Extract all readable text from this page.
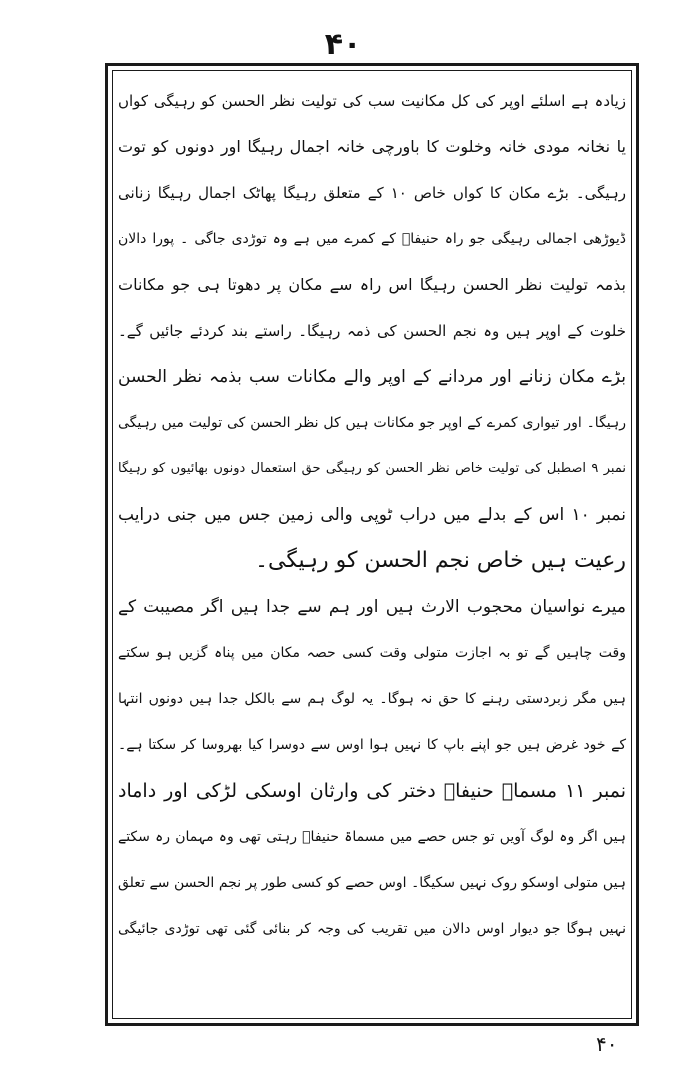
۴۰
زیادہ ہے اسلئے اوپر کی کل مکانیت سب کی تولیت نظر الحسن کو رہیگی کواں
یا نخانہ مودی خانہ وخلوت کا باورچی خانہ اجمال رہیگا اور دونوں کو توت
رہیگی۔ بڑے مکان کا کواں خاص ۱۰ کے متعلق رہیگا پھاٹک اجمال رہیگا زنانی
ڈیوڑھی اجمالی رہیگی جو راہ حنیفاؔ کے کمرے میں ہے وہ توڑدی جاگی ۔ پورا دالان
بذمہ تولیت نظر الحسن رہیگا اس راہ سے مکان پر دھوتا ہی جو مکانات
خلوت کے اوپر ہیں وہ نجم الحسن کی ذمہ رہیگا۔ راستے بند کردئے جائیں گے۔
بڑے مکان زنانے اور مردانے کے اوپر والے مکانات سب بذمہ نظر الحسن
رہیگا۔ اور تیواری کمرے کے اوپر جو مکانات ہیں کل نظر الحسن کی تولیت میں رہیگی
نمبر ۹ اصطبل کی تولیت خاص نظر الحسن کو رہیگی حق استعمال دونوں بھائیوں کو رہیگا
نمبر ۱۰ اس کے بدلے میں دراب ٹوپی والی زمین جس میں جنی درایب
رعیت ہیں خاص نجم الحسن کو رہیگی۔
میرے نواسیان محجوب الارث ہیں اور ہم سے جدا ہیں اگر مصیبت کے
وقت چاہیں گے تو بہ اجازت متولی وقت کسی حصہ مکان میں پناہ گزیں ہو سکتے
ہیں مگر زبردستی رہنے کا حق نہ ہوگا۔ یہ لوگ ہم سے بالکل جدا ہیں دونوں انتہا
کے خود غرض ہیں جو اپنے باپ کا نہیں ہوا اوس سے دوسرا کیا بھروسا کر سکتا ہے۔
نمبر ۱۱ مسماۃ حنیفاؔ دختر کی وارثان اوسکی لڑکی اور داماد
ہیں اگر وہ لوگ آویں تو جس حصے میں مسماۃ حنیفاؔ رہتی تھی وہ مہمان رہ سکتے
ہیں متولی اوسکو روک نہیں سکیگا۔ اوس حصے کو کسی طور پر نجم الحسن سے تعلق
نہیں ہوگا جو دیوار اوس دالان میں تقریب کی وجہ کر بنائی گئی تھی توڑدی جائیگی
۴۰
